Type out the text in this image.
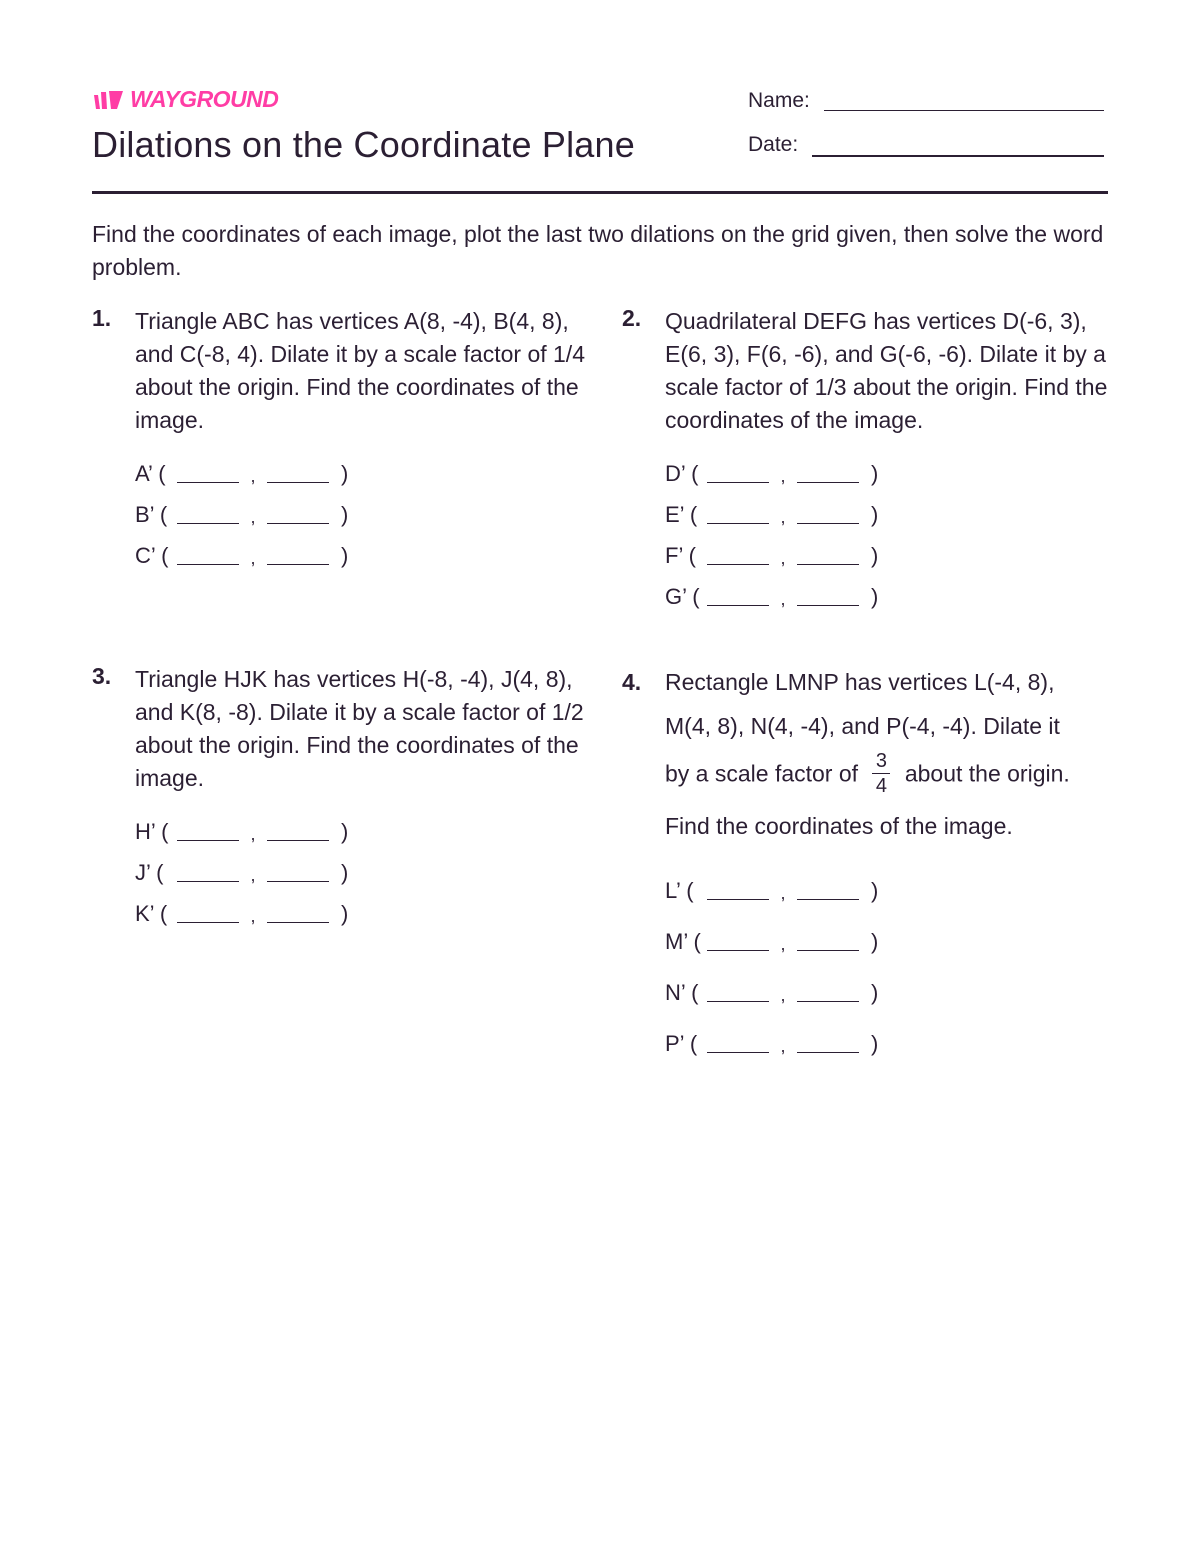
WAYGROUND
Dilations on the Coordinate Plane
Name:
Date:

Find the coordinates of each image, plot the last two dilations on the grid given, then solve the word problem.

1. Triangle ABC has vertices A(8, -4), B(4, 8), and C(-8, 4). Dilate it by a scale factor of 1/4 about the origin. Find the coordinates of the image.

A’ (	,	)
B’ (	,	)
C’ (	,	)
2. Quadrilateral DEFG has vertices D(-6, 3), E(6, 3), F(6, -6), and G(-6, -6). Dilate it by a scale factor of 1/3 about the origin. Find the coordinates of the image.

D’ (	,	)
E’ (	,	)
F’ (	,	)
G’ (	,	)
3. Triangle HJK has vertices H(-8, -4), J(4, 8), and K(8, -8). Dilate it by a scale factor of 1/2 about the origin. Find the coordinates of the image.

H’ (	,	)
J’ (	,	)
K’ (	,	)
4. Rectangle LMNP has vertices L(-4, 8),
M(4, 8), N(4, -4), and P(-4, -4). Dilate it
by a scale factor of $\frac{3}{4}$ about the origin.
Find the coordinates of the image.
L’ (	,	)
M’ (	,	)
N’ (	,	)
P’ (	,	)
